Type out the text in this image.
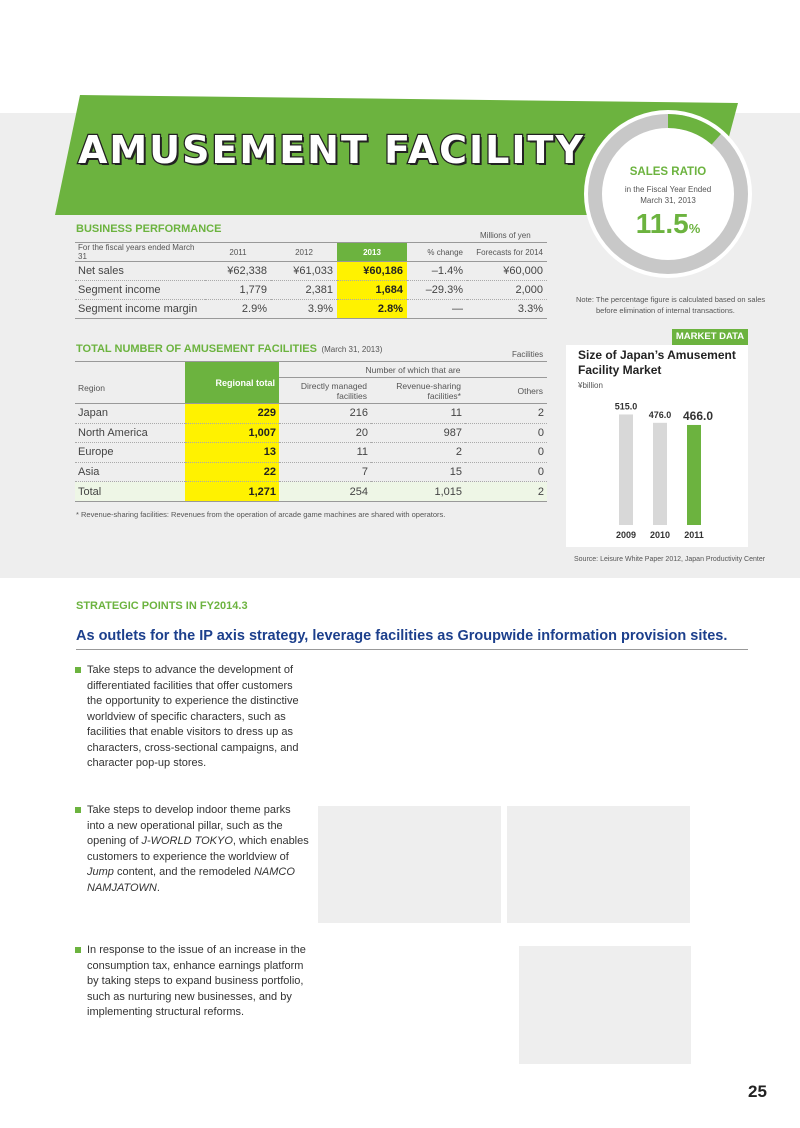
AMUSEMENT FACILITY	SALES RATIO
in the Fiscal Year Ended
March 31, 2013
11.5%
Note: The percentage figure is calculated based on sales
before elimination of internal transactions.
BUSINESS PERFORMANCE
Millions of yen
For the fiscal years ended March 31	2011	2012	2013	% change	Forecasts for 2014
Net sales	¥62,338	¥61,033	¥60,186	–1.4%	¥60,000
Segment income	1,779	2,381	1,684	–29.3%	2,000
Segment income margin	2.9%	3.9%	2.8%	—	3.3%
TOTAL NUMBER OF AMUSEMENT FACILITIES (March 31, 2013)
Facilities
Region	Regional total	Number of which that are		
		Directly managed facilities	Revenue-sharing facilities*	Others
Japan	229	216	11	2
North America	1,007	20	987	0
Europe	13	11	2	0
Asia	22	7	15	0
Total	1,271	254	1,015	2
* Revenue-sharing facilities: Revenues from the operation of arcade game machines are shared with operators.
MARKET DATA
Size of Japan’s Amusement
Facility Market
¥billion
515.0
2009
476.0
2010
466.0
2011
Source: Leisure White Paper 2012, Japan Productivity Center
STRATEGIC POINTS IN FY2014.3
As outlets for the IP axis strategy, leverage facilities as Groupwide information provision sites.
Take steps to advance the development of differentiated facilities that offer customers the opportunity to experience the distinctive worldview of specific characters, such as facilities that enable visitors to dress up as characters, cross-sectional campaigns, and character pop-up stores.
Take steps to develop indoor theme parks into a new operational pillar, such as the opening of J-WORLD TOKYO, which enables customers to experience the worldview of Jump content, and the remodeled NAMCO NAMJATOWN.
In response to the issue of an increase in the consumption tax, enhance earnings platform by taking steps to expand business portfolio, such as nurturing new businesses, and by implementing structural reforms.
25
